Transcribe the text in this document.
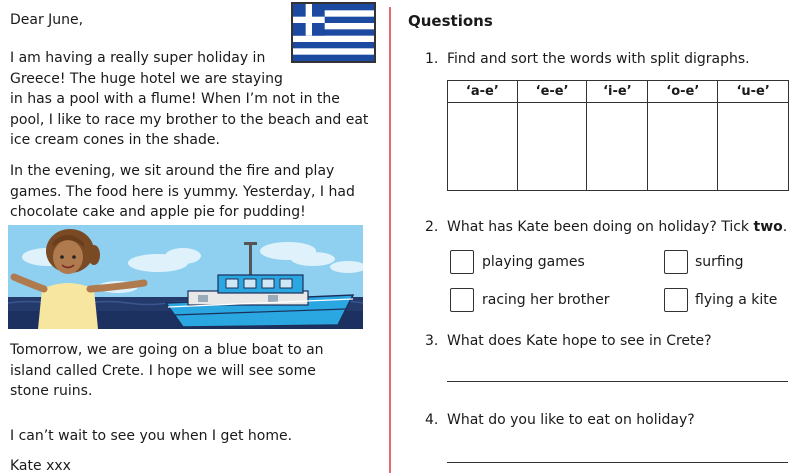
Dear June,
I am having a really super holiday in
Greece! The huge hotel we are staying
in has a pool with a flume! When I’m not in the
pool, I like to race my brother to the beach and eat
ice cream cones in the shade.
In the evening, we sit around the fire and play
games. The food here is yummy. Yesterday, I had
chocolate cake and apple pie for pudding!
Tomorrow, we are going on a blue boat to an
island called Crete. I hope we will see some
stone ruins.
I can’t wait to see you when I get home.
Kate xxx
Questions
1. Find and sort the words with split digraphs.
‘a-e’	‘e-e’	‘i-e’	‘o-e’	‘u-e’

2. What has Kate been doing on holiday? Tick two.
playing games	surfing
racing her brother	flying a kite
3. What does Kate hope to see in Crete?
4. What do you like to eat on holiday?
